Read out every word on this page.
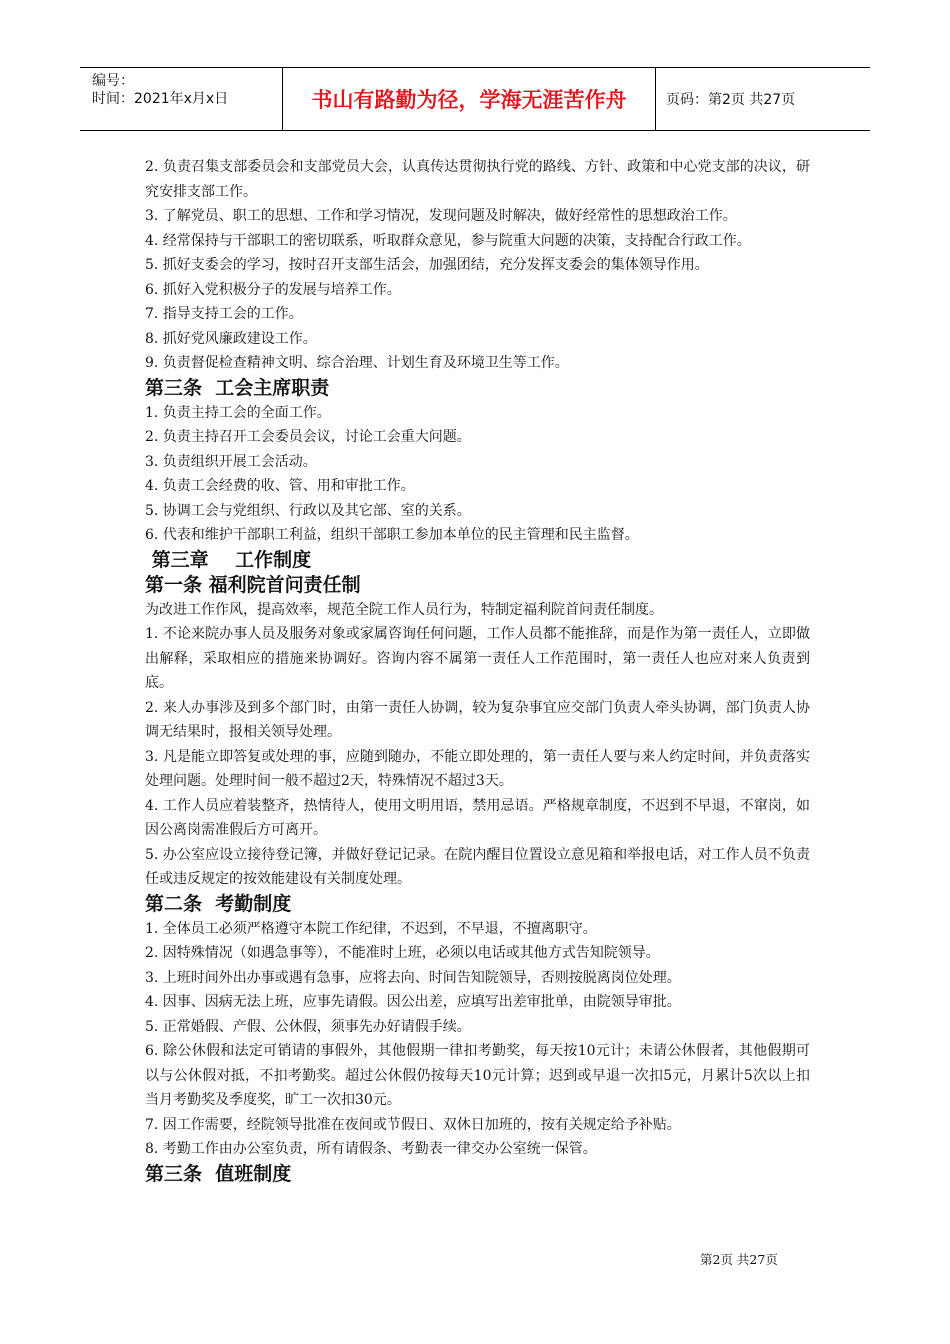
编号：
时间：2021年x月x日	书山有路勤为径，学海无涯苦作舟	页码：第2页 共27页
2. 负责召集支部委员会和支部党员大会，认真传达贯彻执行党的路线、方针、政策和中心党支部的决议，研究安排支部工作。
3. 了解党员、职工的思想、工作和学习情况，发现问题及时解决，做好经常性的思想政治工作。
4. 经常保持与干部职工的密切联系，听取群众意见，参与院重大问题的决策，支持配合行政工作。
5. 抓好支委会的学习，按时召开支部生活会，加强团结，充分发挥支委会的集体领导作用。
6. 抓好入党积极分子的发展与培养工作。
7. 指导支持工会的工作。
8. 抓好党风廉政建设工作。
9. 负责督促检查精神文明、综合治理、计划生育及环境卫生等工作。
第三条  工会主席职责
1. 负责主持工会的全面工作。
2. 负责主持召开工会委员会议，讨论工会重大问题。
3. 负责组织开展工会活动。
4. 负责工会经费的收、管、用和审批工作。
5. 协调工会与党组织、行政以及其它部、室的关系。
6. 代表和维护干部职工利益，组织干部职工参加本单位的民主管理和民主监督。
第三章    工作制度
第一条 福利院首问责任制
为改进工作作风，提高效率，规范全院工作人员行为，特制定福利院首问责任制度。
1. 不论来院办事人员及服务对象或家属咨询任何问题，工作人员都不能推辞，而是作为第一责任人，立即做出解释，采取相应的措施来协调好。咨询内容不属第一责任人工作范围时，第一责任人也应对来人负责到底。
2. 来人办事涉及到多个部门时，由第一责任人协调，较为复杂事宜应交部门负责人牵头协调，部门负责人协调无结果时，报相关领导处理。
3. 凡是能立即答复或处理的事，应随到随办，不能立即处理的，第一责任人要与来人约定时间，并负责落实处理问题。处理时间一般不超过2天，特殊情况不超过3天。
4. 工作人员应着装整齐，热情待人，使用文明用语，禁用忌语。严格规章制度，不迟到不早退，不窜岗，如因公离岗需准假后方可离开。
5. 办公室应设立接待登记簿，并做好登记记录。在院内醒目位置设立意见箱和举报电话，对工作人员不负责任或违反规定的按效能建设有关制度处理。
第二条  考勤制度
1. 全体员工必须严格遵守本院工作纪律，不迟到，不早退，不擅离职守。
2. 因特殊情况（如遇急事等），不能准时上班，必须以电话或其他方式告知院领导。
3. 上班时间外出办事或遇有急事，应将去向、时间告知院领导，否则按脱离岗位处理。
4. 因事、因病无法上班，应事先请假。因公出差，应填写出差审批单，由院领导审批。
5. 正常婚假、产假、公休假，须事先办好请假手续。
6. 除公休假和法定可销请的事假外，其他假期一律扣考勤奖，每天按10元计；未请公休假者，其他假期可以与公休假对抵，不扣考勤奖。超过公休假仍按每天10元计算；迟到或早退一次扣5元，月累计5次以上扣当月考勤奖及季度奖，旷工一次扣30元。
7. 因工作需要，经院领导批准在夜间或节假日、双休日加班的，按有关规定给予补贴。
8. 考勤工作由办公室负责，所有请假条、考勤表一律交办公室统一保管。
第三条  值班制度
第2页 共27页
